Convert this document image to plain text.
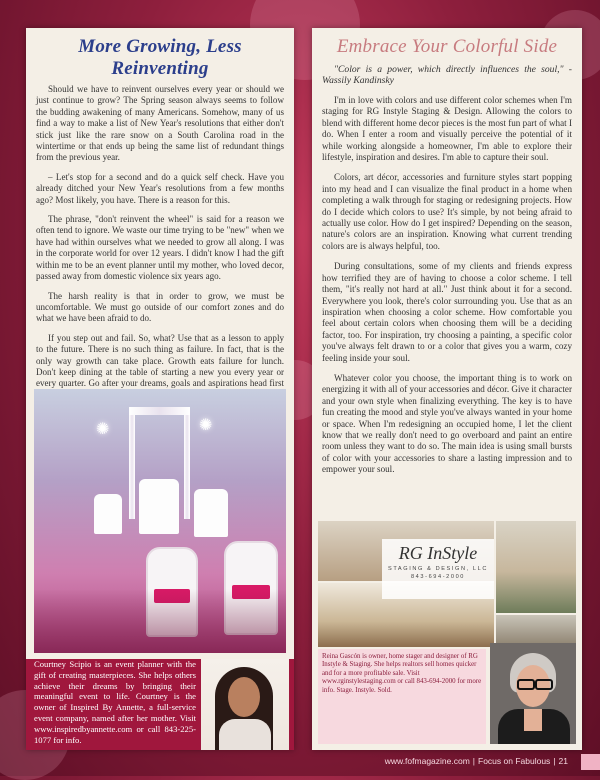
More Growing, Less Reinventing

Should we have to reinvent ourselves every year or should we just continue to grow? The Spring season always seems to follow the budding awakening of many Americans. Somehow, many of us find a way to make a list of New Year's resolutions that either don't stick just like the rare snow on a South Carolina road in the wintertime or that ends up being the same list of redundant things from the previous year.

– Let's stop for a second and do a quick self check. Have you already ditched your New Year's resolutions from a few months ago? Most likely, you have. There is a reason for this.

The phrase, "don't reinvent the wheel" is said for a reason we often tend to ignore. We waste our time trying to be "new" when we have had within ourselves what we needed to grow all along. I was in the corporate world for over 12 years. I didn't know I had the gift within me to be an event planner until my mother, who loved decor, passed away from domestic violence six years ago.

The harsh reality is that in order to grow, we must be uncomfortable. We must go outside of our comfort zones and do what we have been afraid to do.

If you step out and fail. So, what? Use that as a lesson to apply to the future. There is no such thing as failure. In fact, that is the only way growth can take place. Growth eats failure for lunch. Don't keep dining at the table of starting a new you every year or every quarter. Go after your dreams, goals and aspirations head first

✺	✺
Courtney Scipio is an event planner with the gift of creating masterpieces. She helps others achieve their dreams by bringing their meaningful event to life. Courtney is the owner of Inspired By Annette, a full-service event company, named after her mother. Visit www.inspiredbyannette.com or call 843-225-1077 for info.
Embrace Your Colorful Side

"Color is a power, which directly influences the soul," -Wassily Kandinsky

I'm in love with colors and use different color schemes when I'm staging for RG Instyle Staging & Design. Allowing the colors to blend with different home decor pieces is the most fun part of what I do. When I enter a room and visually perceive the potential of it while working alongside a homeowner, I'm able to explore their lifestyle, inspiration and desires. I'm able to capture their soul.

Colors, art décor, accessories and furniture styles start popping into my head and I can visualize the final product in a home when completing a walk through for staging or redesigning projects. How do I decide which colors to use? It's simple, by not being afraid to actually use color. How do I get inspired? Depending on the season, nature's colors are an inspiration. Knowing what current trending colors are is always helpful, too.

During consultations, some of my clients and friends express how terrified they are of having to choose a color scheme. I tell them, "it's really not hard at all." Just think about it for a second. Everywhere you look, there's color surrounding you. Use that as an inspiration when choosing a color scheme. How comfortable you feel about certain colors when choosing them will be a deciding factor, too. For inspiration, try choosing a painting, a specific color you've always felt drawn to or a color that gives you a warm, cozy feeling inside your soul.

Whatever color you choose, the important thing is to work on energizing it with all of your accessories and décor. Give it character and your own style when finalizing everything. The key is to have fun creating the mood and style you've always wanted in your home or space. When I'm redesigning an occupied home, I let the client know that we really don't need to go overboard and paint an entire room unless they want to do so. The main idea is using small bursts of color with your accessories to share a lasting impression and to empower your soul.

RG InStyle
STAGING & DESIGN, LLC
843-694-2000
Reina Gascón is owner, home stager and designer of RG Instyle & Staging. She helps realtors sell homes quicker and for a more profitable sale. Visit www.rginstylestaging.com or call 843-694-2000 for more info. Stage. Instyle. Sold.
www.fofmagazine.com | Focus on Fabulous | 21
